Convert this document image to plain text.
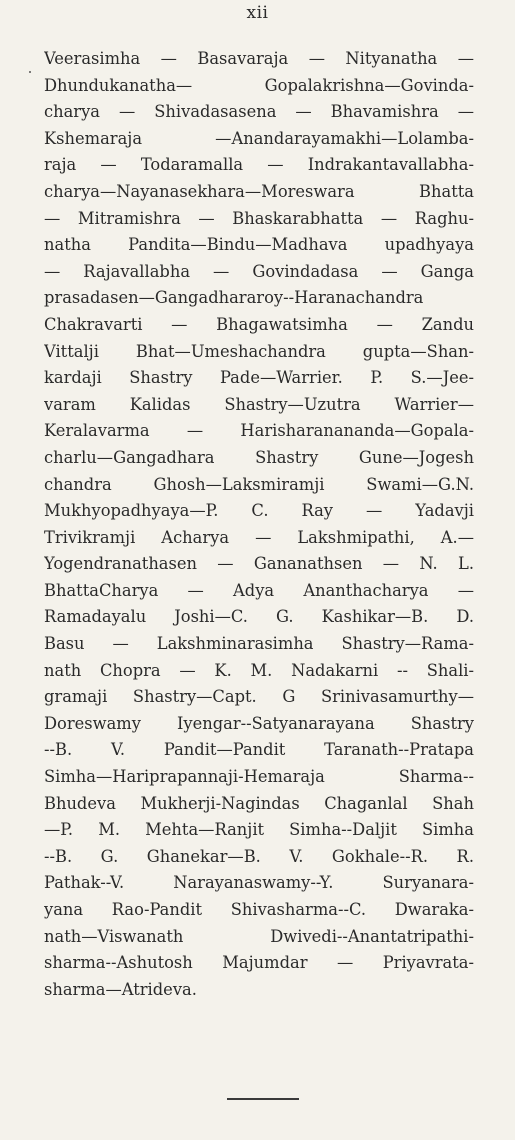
xii
Veerasimha — Basavaraja — Nityanatha —
Dhundukanatha— Gopalakrishna—Govinda-
charya — Shivadasasena — Bhavamishra —
Kshemaraja —Anandarayamakhi—Lolamba-
raja — Todaramalla — Indrakantavallabha-
charya—Nayanasekhara—Moreswara Bhatta
— Mitramishra — Bhaskarabhatta — Raghu-
natha Pandita—Bindu—Madhava upadhyaya
— Rajavallabha — Govindadasa — Ganga
prasadasen—Gangadhararoy--Haranachandra
Chakravarti — Bhagawatsimha — Zandu
Vittalji Bhat—Umeshachandra gupta—Shan-
kardaji Shastry Pade—Warrier. P. S.—Jee-
varam Kalidas Shastry—Uzutra Warrier—
Keralavarma — Harisharanananda—Gopala-
charlu—Gangadhara Shastry Gune—Jogesh
chandra Ghosh—Laksmiramji Swami—G.N.
Mukhyopadhyaya—P. C. Ray — Yadavji
Trivikramji Acharya — Lakshmipathi, A.—
Yogendranathasen — Gananathsen — N. L.
BhattaCharya — Adya Ananthacharya —
Ramadayalu Joshi—C. G. Kashikar—B. D.
Basu — Lakshminarasimha Shastry—Rama-
nath Chopra — K. M. Nadakarni -- Shali-
gramaji Shastry—Capt. G Srinivasamurthy—
Doreswamy Iyengar--Satyanarayana Shastry
--B. V. Pandit—Pandit Taranath--Pratapa
Simha—Hariprapannaji-Hemaraja Sharma--
Bhudeva Mukherji-Nagindas Chaganlal Shah
—P. M. Mehta—Ranjit Simha--Daljit Simha
--B. G. Ghanekar—B. V. Gokhale--R. R.
Pathak--V. Narayanaswamy--Y. Suryanara-
yana Rao-Pandit Shivasharma--C. Dwaraka-
nath—Viswanath Dwivedi--Anantatripathi-
sharma--Ashutosh Majumdar — Priyavrata-
sharma—Atrideva.
